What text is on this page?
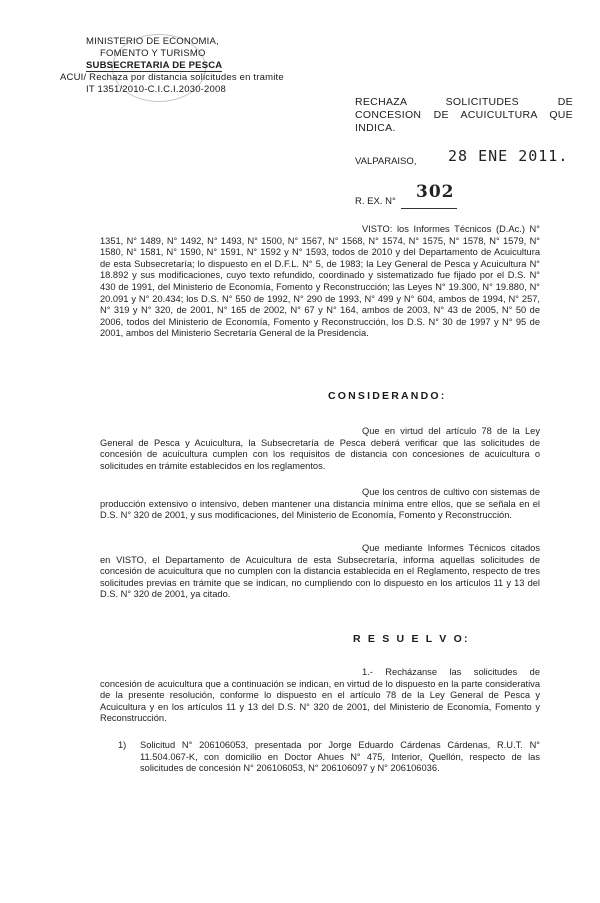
MINISTERIO DE ECONOMIA,
FOMENTO Y TURISMO
SUBSECRETARIA DE PESCA
ACUI/ Rechaza por distancia solicitudes en tramite
IT 1351/2010-C.I.C.I.2030-2008
RECHAZA SOLICITUDES DE
CONCESION DE ACUICULTURA QUE
INDICA.
VALPARAISO, 28 ENE 2011.
R. EX. N° 302
VISTO: los Informes Técnicos (D.Ac.) N° 1351, N° 1489, N° 1492, N° 1493, N° 1500, N° 1567, N° 1568, N° 1574, N° 1575, N° 1578, N° 1579, N° 1580, N° 1581, N° 1590, N° 1591, N° 1592 y N° 1593, todos de 2010 y del Departamento de Acuicultura de esta Subsecretaría; lo dispuesto en el D.F.L. N° 5, de 1983; la Ley General de Pesca y Acuicultura N° 18.892 y sus modificaciones, cuyo texto refundido, coordinado y sistematizado fue fijado por el D.S. N° 430 de 1991, del Ministerio de Economía, Fomento y Reconstrucción; las Leyes N° 19.300, N° 19.880, N° 20.091 y N° 20.434; los D.S. N° 550 de 1992, N° 290 de 1993, N° 499 y N° 604, ambos de 1994, N° 257, N° 319 y N° 320, de 2001, N° 165 de 2002, N° 67 y N° 164, ambos de 2003, N° 43 de 2005, N° 50 de 2006, todos del Ministerio de Economía, Fomento y Reconstrucción, los D.S. N° 30 de 1997 y N° 95 de 2001, ambos del Ministerio Secretaría General de la Presidencia.
CONSIDERANDO:
Que en virtud del artículo 78 de la Ley General de Pesca y Acuicultura, la Subsecretaría de Pesca deberá verificar que las solicitudes de concesión de acuicultura cumplen con los requisitos de distancia con concesiones de acuicultura o solicitudes en trámite establecidos en los reglamentos.
Que los centros de cultivo con sistemas de producción extensivo o intensivo, deben mantener una distancia mínima entre ellos, que se señala en el D.S. N° 320 de 2001, y sus modificaciones, del Ministerio de Economía, Fomento y Reconstrucción.
Que mediante Informes Técnicos citados en VISTO, el Departamento de Acuicultura de esta Subsecretaría, informa aquellas solicitudes de concesión de acuicultura que no cumplen con la distancia establecida en el Reglamento, respecto de tres solicitudes previas en trámite que se indican, no cumpliendo con lo dispuesto en los artículos 11 y 13 del D.S. N° 320 de 2001, ya citado.
R E S U E L V O:
1.- Recházanse las solicitudes de concesión de acuicultura que a continuación se indican, en virtud de lo dispuesto en la parte considerativa de la presente resolución, conforme lo dispuesto en el artículo 78 de la Ley General de Pesca y Acuicultura y en los artículos 11 y 13 del D.S. N° 320 de 2001, del Ministerio de Economía, Fomento y Reconstrucción.
1) Solicitud N° 206106053, presentada por Jorge Eduardo Cárdenas Cárdenas, R.U.T. N° 11.504.067-K, con domicilio en Doctor Ahues N° 475, Interior, Quellón, respecto de las solicitudes de concesión N° 206106053, N° 206106097 y N° 206106036.
